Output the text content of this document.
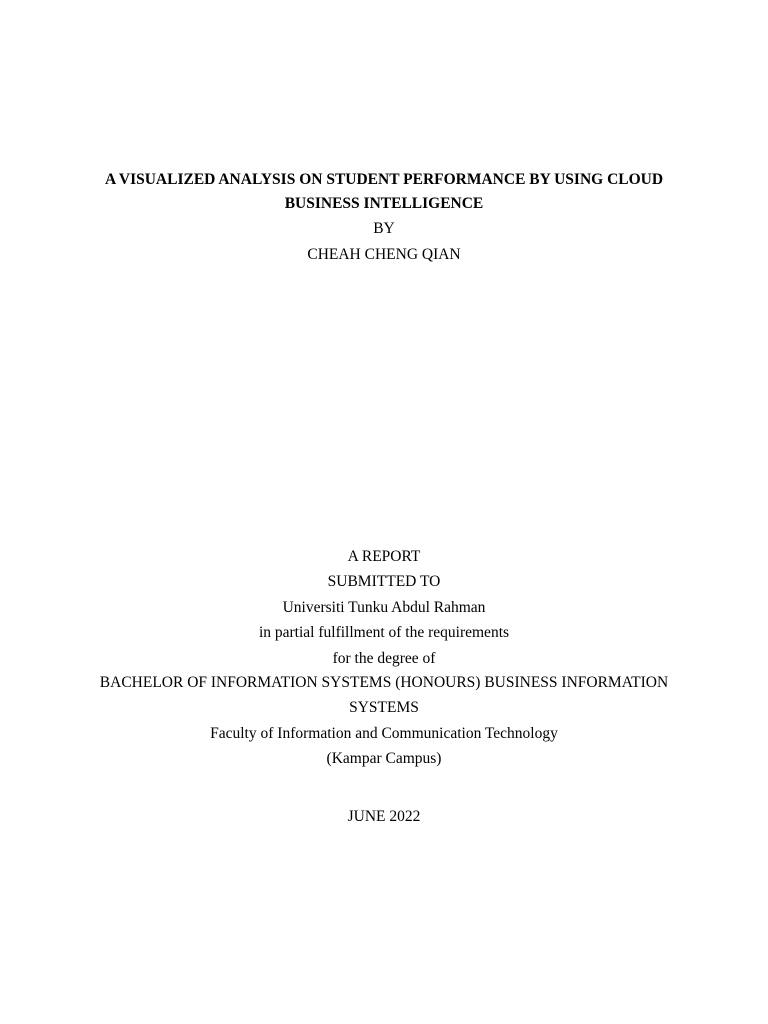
A VISUALIZED ANALYSIS ON STUDENT PERFORMANCE BY USING CLOUD
BUSINESS INTELLIGENCE
BY
CHEAH CHENG QIAN
A REPORT
SUBMITTED TO
Universiti Tunku Abdul Rahman
in partial fulfillment of the requirements
for the degree of
BACHELOR OF INFORMATION SYSTEMS (HONOURS) BUSINESS INFORMATION
SYSTEMS
Faculty of Information and Communication Technology
(Kampar Campus)
JUNE 2022
